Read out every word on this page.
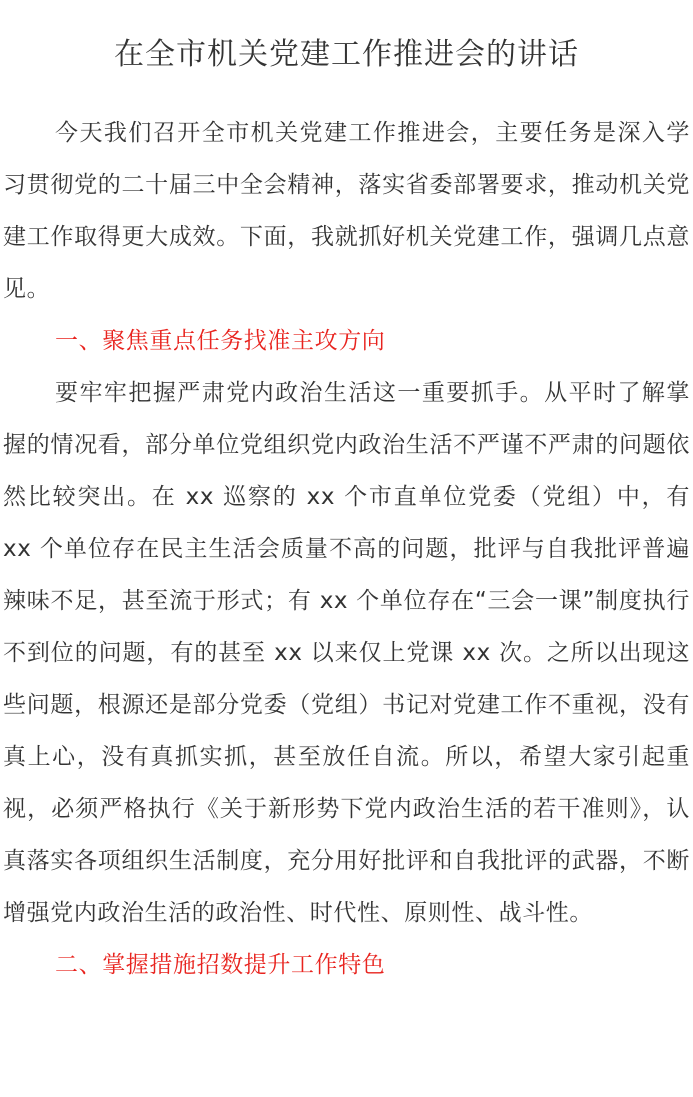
在全市机关党建工作推进会的讲话

今天我们召开全市机关党建工作推进会，主要任务是深入学习贯彻党的二十届三中全会精神，落实省委部署要求，推动机关党建工作取得更大成效。下面，我就抓好机关党建工作，强调几点意见。

一、聚焦重点任务找准主攻方向

要牢牢把握严肃党内政治生活这一重要抓手。从平时了解掌握的情况看，部分单位党组织党内政治生活不严谨不严肃的问题依然比较突出。在 xx 巡察的 xx 个市直单位党委（党组）中，有 xx 个单位存在民主生活会质量不高的问题，批评与自我批评普遍辣味不足，甚至流于形式；有 xx 个单位存在“三会一课”制度执行不到位的问题，有的甚至 xx 以来仅上党课 xx 次。之所以出现这些问题，根源还是部分党委（党组）书记对党建工作不重视，没有真上心，没有真抓实抓，甚至放任自流。所以，希望大家引起重视，必须严格执行《关于新形势下党内政治生活的若干准则》，认真落实各项组织生活制度，充分用好批评和自我批评的武器，不断增强党内政治生活的政治性、时代性、原则性、战斗性。

二、掌握措施招数提升工作特色
